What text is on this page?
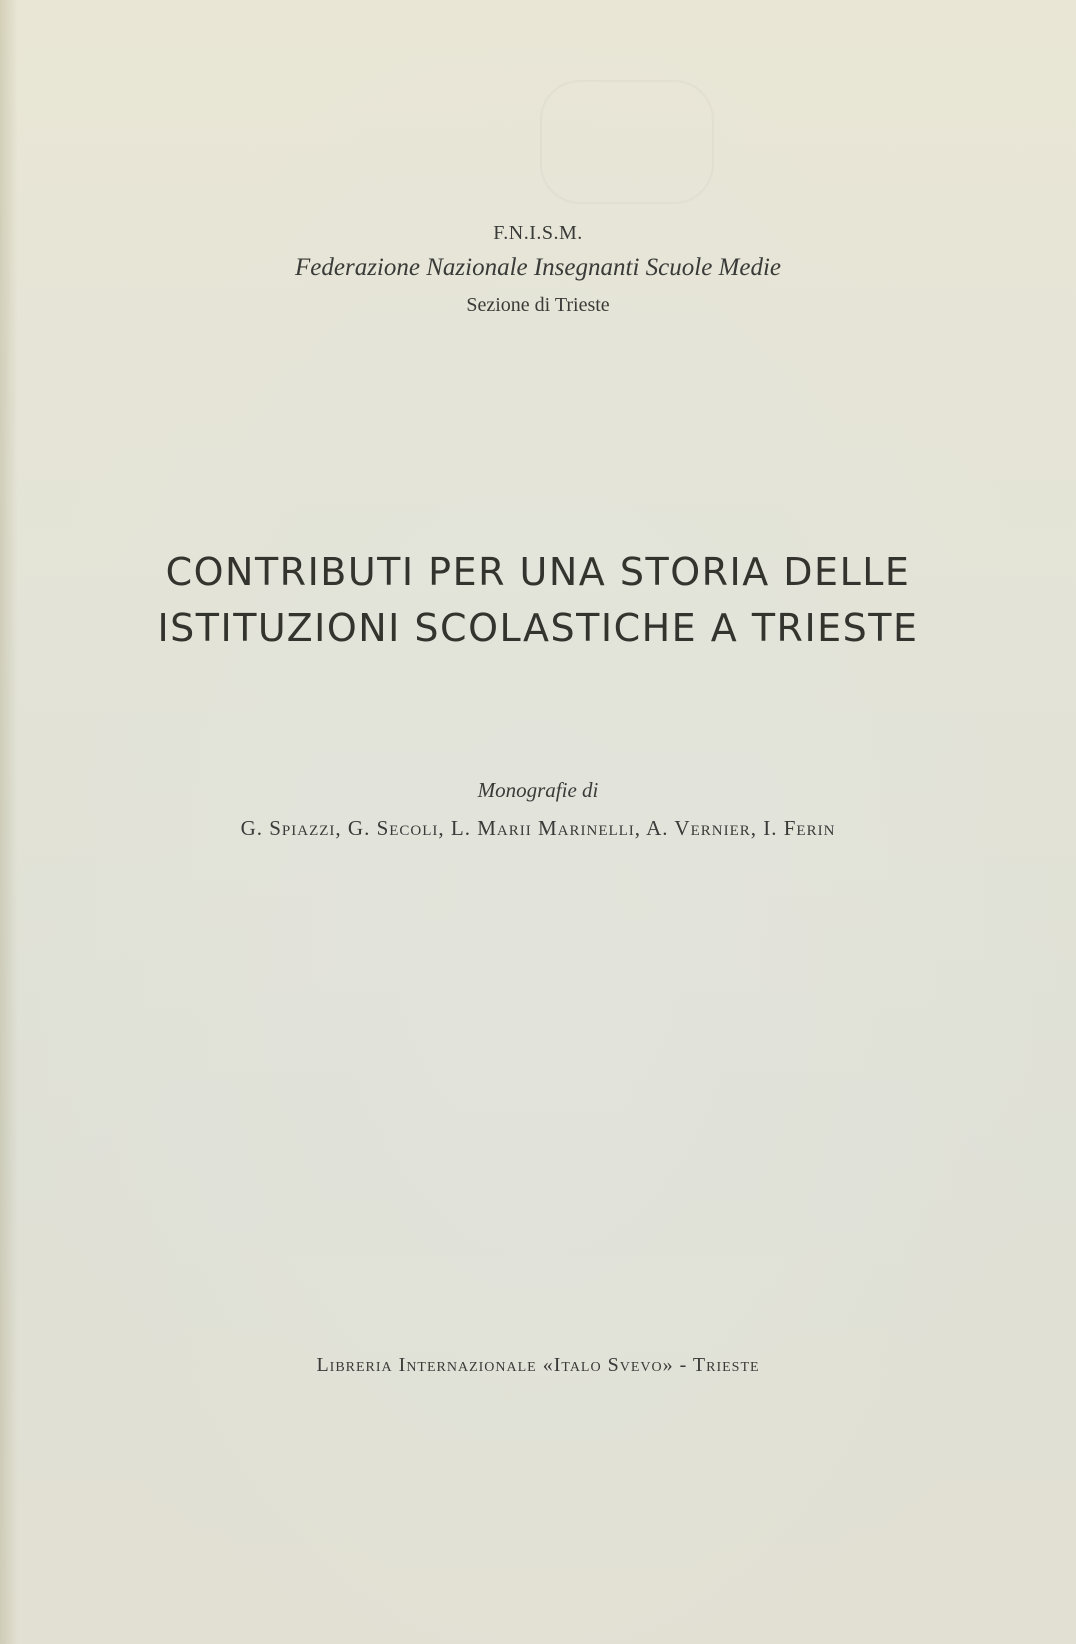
F.N.I.S.M.
Federazione Nazionale Insegnanti Scuole Medie
Sezione di Trieste
CONTRIBUTI PER UNA STORIA DELLE
ISTITUZIONI SCOLASTICHE A TRIESTE
Monografie di
G. Spiazzi, G. Secoli, L. Marii Marinelli, A. Vernier, I. Ferin
Libreria Internazionale «Italo Svevo» - Trieste
